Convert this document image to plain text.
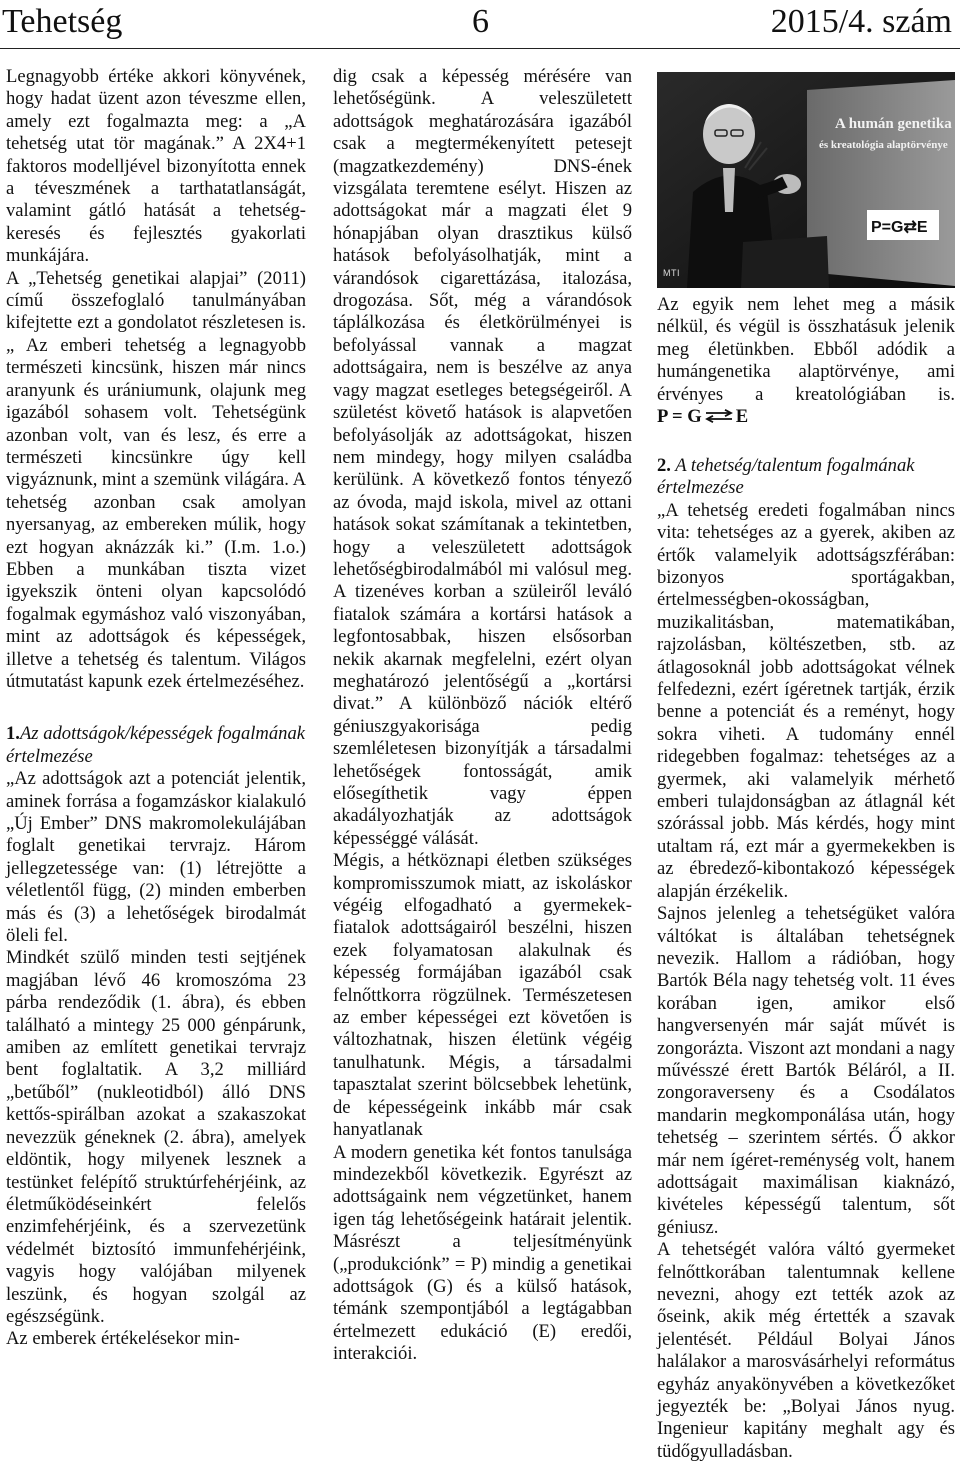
Tehetség	6	2015/4. szám

Legnagyobb értéke akkori könyvének, hogy hadat üzent azon téveszme ellen, amely ezt fogalmazta meg: a „A tehetség utat tör magának.” A 2X4+1 faktoros modelljével bizonyította ennek a téveszmének a tarthatatlanságát, valamint gátló hatását a tehetség-keresés és fejlesztés gyakorlati munkájára.

A „Tehetség genetikai alapjai” (2011) című összefoglaló tanulmányában kifejtette ezt a gondolatot részletesen is. „ Az emberi tehetség a legnagyobb természeti kincsünk, hiszen már nincs aranyunk és urániumunk, olajunk meg igazából sohasem volt. Tehetségünk azonban volt, van és lesz, és erre a természeti kincsünkre úgy kell vigyáznunk, mint a szemünk világára. A tehetség azonban csak amolyan nyersanyag, az embereken múlik, hogy ezt hogyan aknázzák ki.” (I.m. 1.o.) Ebben a munkában tiszta vizet igyekszik önteni olyan kapcsolódó fogalmak egymáshoz való viszonyában, mint az adottságok és képességek, illetve a tehetség és talentum. Világos útmutatást kapunk ezek értelmezéséhez.

1.Az adottságok/képességek fogalmának értelmezése

„Az adottságok azt a potenciát jelentik, aminek forrása a fogamzáskor kialakuló „Új Ember” DNS makromolekulájában foglalt genetikai tervrajz. Három jellegzetessége van: (1) létrejötte a véletlentől függ, (2) minden emberben más és (3) a lehetőségek birodalmát öleli fel.

Mindkét szülő minden testi sejtjének magjában lévő 46 kromoszóma 23 párba rendeződik (1. ábra), és ebben található a mintegy 25 000 génpárunk, amiben az említett genetikai tervrajz bent foglaltatik. A 3,2 milliárd „betűből” (nukleotidból) álló DNS kettős-spirálban azokat a szakaszokat nevezzük géneknek (2. ábra), amelyek eldöntik, hogy milyenek lesznek a testünket felépítő struktúrfehérjéink, az életműködéseinkért felelős enzimfehérjéink, és a szervezetünk védelmét biztosító immunfehérjéink, vagyis hogy valójában milyenek leszünk, és hogyan szolgál az egészségünk.

Az emberek értékelésekor min-

dig csak a képesség mérésére van lehetőségünk. A veleszületett adottságok meghatározására igazából csak a megtermékenyített petesejt (magzatkezdemény) DNS-ének vizsgálata teremtene esélyt. Hiszen az adottságokat már a magzati élet 9 hónapjában olyan drasztikus külső hatások befolyásolhatják, mint a várandósok cigarettázása, italozása, drogozása. Sőt, még a várandósok táplálkozása és életkörülményei is befolyással vannak a magzat adottságaira, nem is beszélve az anya vagy magzat esetleges betegségeiről. A születést követő hatások is alapvetően befolyásolják az adottságokat, hiszen nem mindegy, hogy milyen családba kerülünk. A következő fontos tényező az óvoda, majd iskola, mivel az ottani hatások sokat számítanak a tekintetben, hogy a veleszületett adottságok lehetőségbirodalmából mi valósul meg. A tizenéves korban a szüleiről leváló fiatalok számára a kortársi hatások a legfontosabbak, hiszen elsősorban nekik akarnak megfelelni, ezért olyan meghatározó jelentőségű a „kortársi divat.” A különböző nációk eltérő géniuszgyakorisága pedig szemléletesen bizonyítják a társadalmi lehetőségek fontosságát, amik elősegíthetik vagy éppen akadályozhatják az adottságok képességgé válását.

Mégis, a hétköznapi életben szükséges kompromisszumok miatt, az iskoláskor végéig elfogadható a gyermekek-fiatalok adottságairól beszélni, hiszen ezek folyamatosan alakulnak és képesség formájában igazából csak felnőttkorra rögzülnek. Természetesen az ember képességei ezt követően is változhatnak, hiszen életünk végéig tanulhatunk. Mégis, a társadalmi tapasztalat szerint bölcsebbek lehetünk, de képességeink inkább már csak hanyatlanak

A modern genetika két fontos tanulsága mindezekből következik. Egyrészt az adottságaink nem végzetünket, hanem igen tág lehetőségeink határait jelentik. Másrészt a teljesítményünk („produkciónk” = P) mindig a genetikai adottságok (G) és a külső hatások, témánk szempontjából a legtágabban értelmezett edukáció (E) eredői, interakciói.

A humán genetika
és kreatológia alaptörvénye
P=G⇄E
MTI

Az egyik nem lehet meg a másik nélkül, és végül is összhatásuk jelenik meg életünkben. Ebből adódik a humángenetika alaptörvénye, ami érvényes a kreatológiában is. P = G E

2. A tehetség/talentum fogalmának értelmezése

„A tehetség eredeti fogalmában nincs vita: tehetséges az a gyerek, akiben az értők valamelyik adottságszférában: bizonyos sportágakban, értelmességben-okosságban, muzikalitásban, matematikában, rajzolásban, költészetben, stb. az átlagosoknál jobb adottságokat vélnek felfedezni, ezért ígéretnek tartják, érzik benne a potenciát és a reményt, hogy sokra viheti. A tudomány ennél ridegebben fogalmaz: tehetséges az a gyermek, aki valamelyik mérhető emberi tulajdonságban az átlagnál két szórással jobb. Más kérdés, hogy mint utaltam rá, ezt már a gyermekekben is az ébredező-kibontakozó képességek alapján érzékelik.

Sajnos jelenleg a tehetségüket valóra váltókat is általában tehetségnek nevezik. Hallom a rádióban, hogy Bartók Béla nagy tehetség volt. 11 éves korában igen, amikor első hangversenyén már saját művét is zongorázta. Viszont azt mondani a nagy művésszé érett Bartók Béláról, a II. zongoraverseny és a Csodálatos mandarin megkomponálása után, hogy tehetség – szerintem sértés. Ő akkor már nem ígéret-reménység volt, hanem adottságait maximálisan kiaknázó, kivételes képességű talentum, sőt géniusz.

A tehetségét valóra váltó gyermeket felnőttkorában talentumnak kellene nevezni, ahogy ezt tették azok az őseink, akik még értették a szavak jelentését. Például Bolyai János halálakor a marosvásárhelyi református egyház anyakönyvében a következőket jegyezték be: „Bolyai János nyug. Ingenieur kapitány meghalt agy és tüdőgyulladásban.
